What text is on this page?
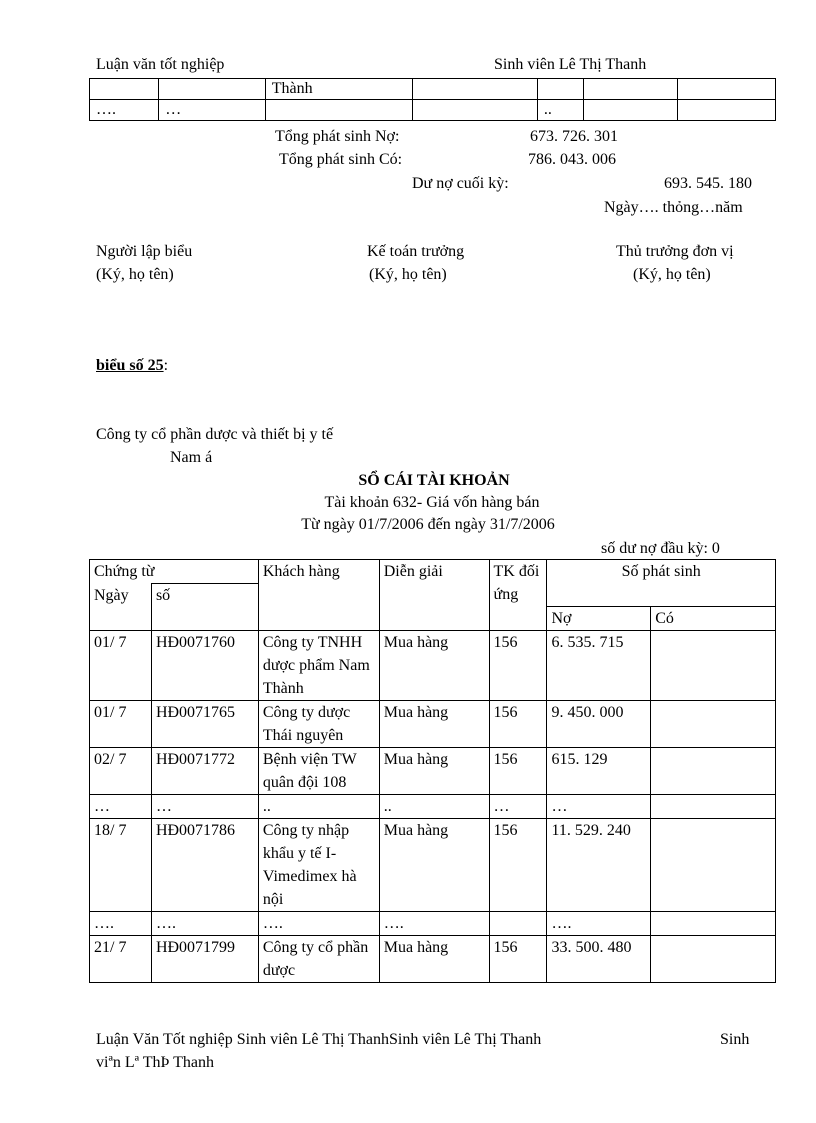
Luận văn tốt nghiệp	Sinh viên Lê Thị Thanh
		Thành				
….	…			..		
Tổng phát sinh Nợ:	673. 726. 301
Tổng phát sinh Có:	786. 043. 006
Dư nợ cuối kỳ:	693. 545. 180
Ngày…. thỏng…năm
Người lập biểu
(Ký, họ tên)
Kế toán trưởng
(Ký, họ tên)
Thủ trưởng đơn vị
(Ký, họ tên)
biểu số 25:
Công ty cổ phần dược và thiết bị y tế
Nam á
SỔ CÁI TÀI KHOẢN
Tài khoản 632- Giá vốn hàng bán
Từ ngày 01/7/2006 đến ngày 31/7/2006
số dư nợ đầu kỳ: 0
Chứng từ		Khách hàng	Diễn giải	TK đối ứng	Số phát sinh	
Ngày	số					
					Nợ	Có
01/ 7	HĐ0071760	Công ty TNHH dược phẩm Nam Thành	Mua hàng	156	6. 535. 715	
01/ 7	HĐ0071765	Công ty dược Thái nguyên	Mua hàng	156	9. 450. 000	
02/ 7	HĐ0071772	Bệnh viện TW quân đội 108	Mua hàng	156	615. 129	
…	…	..	..	…	…	
18/ 7	HĐ0071786	Công ty nhập khẩu y tế I-Vimedimex hà nội	Mua hàng	156	11. 529. 240	
….	….	….	….		….	
21/ 7	HĐ0071799	Công ty cổ phần dược	Mua hàng	156	33. 500. 480	
Luận Văn Tốt nghiệp Sinh viên Lê Thị ThanhSinh viên Lê Thị Thanh	Sinh
viªn Lª ThÞ Thanh
